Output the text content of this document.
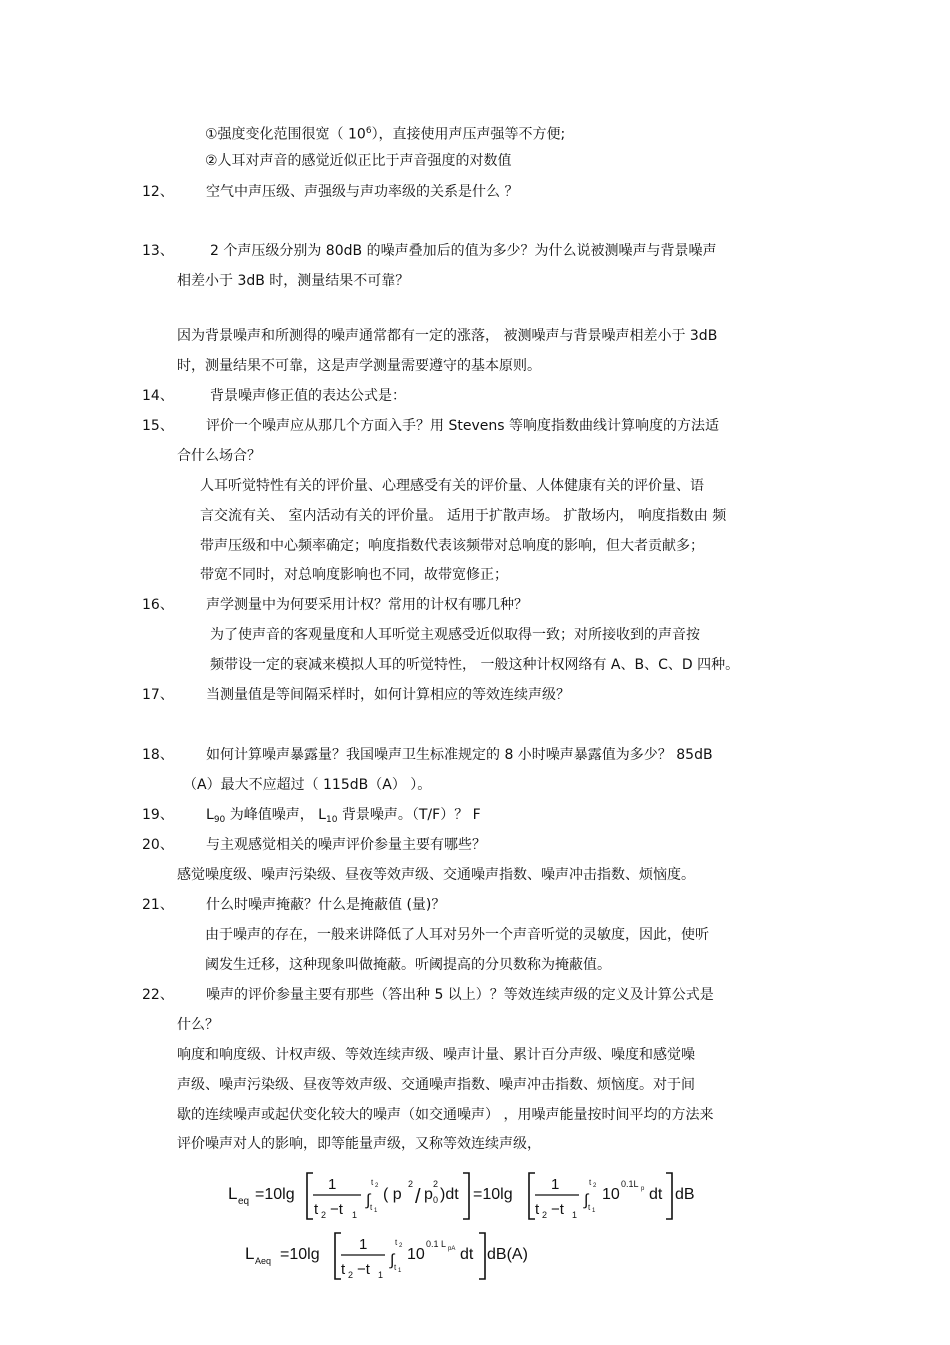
①强度变化范围很宽（ $10^6$），直接使用声压声强等不方便;
②人耳对声音的感觉近似正比于声音强度的对数值
12、 空气中声压级、声强级与声功率级的关系是什么 ？
13、	2 个声压级分别为 80dB 的噪声叠加后的值为多少？为什么说被测噪声与背景噪声
相差小于 3dB 时，测量结果不可靠？
因为背景噪声和所测得的噪声通常都有一定的涨落， 被测噪声与背景噪声相差小于 3dB
时，测量结果不可靠，这是声学测量需要遵守的基本原则。
14、	背景噪声修正值的表达公式是：
15、 评价一个噪声应从那几个方面入手？用 Stevens 等响度指数曲线计算响度的方法适
合什么场合？
人耳听觉特性有关的评价量、心理感受有关的评价量、人体健康有关的评价量、语
言交流有关、 室内活动有关的评价量。 适用于扩散声场。 扩散场内， 响度指数由 频
带声压级和中心频率确定；响度指数代表该频带对总响度的影响，但大者贡献多；
带宽不同时，对总响度影响也不同，故带宽修正；
16、 声学测量中为何要采用计权？常用的计权有哪几种？
为了使声音的客观量度和人耳听觉主观感受近似取得一致；对所接收到的声音按
频带设一定的衰减来模拟人耳的听觉特性， 一般这种计权网络有 A、B、C、D 四种。
17、 当测量值是等间隔采样时，如何计算相应的等效连续声级？
18、 如何计算噪声暴露量？我国噪声卫生标准规定的 8 小时噪声暴露值为多少？ 85dB
（A）最大不应超过（ 115dB（A） ）。
19、 $L_{90}$ 为峰值噪声， $L_{10}$ 背景噪声。（T/F）？ F
20、 与主观感觉相关的噪声评价参量主要有哪些？
感觉噪度级、噪声污染级、昼夜等效声级、交通噪声指数、噪声冲击指数、烦恼度。
21、 什么时噪声掩蔽？什么是掩蔽值 (量)？
由于噪声的存在，一般来讲降低了人耳对另外一个声音听觉的灵敏度，因此，使听
阈发生迁移，这种现象叫做掩蔽。听阈提高的分贝数称为掩蔽值。
22、 噪声的评价参量主要有那些（答出种 5 以上）？等效连续声级的定义及计算公式是
什么？
响度和响度级、计权声级、等效连续声级、噪声计量、累计百分声级、噪度和感觉噪
声级、噪声污染级、昼夜等效声级、交通噪声指数、噪声冲击指数、烦恼度。对于间
歇的连续噪声或起伏变化较大的噪声（如交通噪声） ，用噪声能量按时间平均的方法来
评价噪声对人的影响，即等能量声级，又称等效连续声级，
L eq =10lg
1
t 2 −t 1
∫
t 2
t 1
( p
2
/ p 0
2
)dt =10lg
1
t 2 −t 1
∫
t 2
t 1
10
0.1L p dt dB
L Aeq =10lg
1
t 2 −t 1
∫
t 2
t 1
10
0.1 L pA dt dB(A)
